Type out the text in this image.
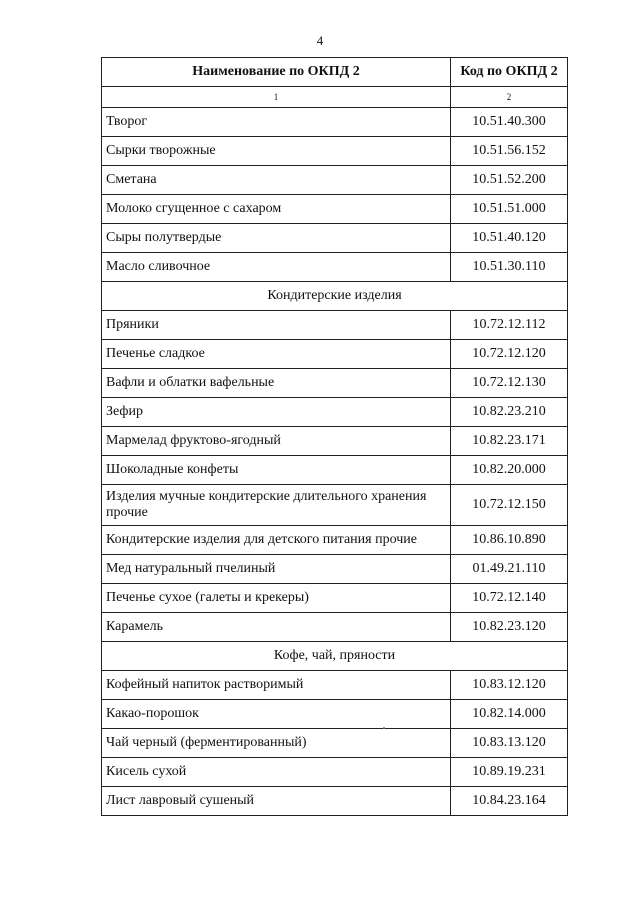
4
Наименование по ОКПД 2	Код по ОКПД 2
1	2
Творог	10.51.40.300
Сырки творожные	10.51.56.152
Сметана	10.51.52.200
Молоко сгущенное с сахаром	10.51.51.000
Сыры полутвердые	10.51.40.120
Масло сливочное	10.51.30.110
Кондитерские изделия	
Пряники	10.72.12.112
Печенье сладкое	10.72.12.120
Вафли и облатки вафельные	10.72.12.130
Зефир	10.82.23.210
Мармелад фруктово-ягодный	10.82.23.171
Шоколадные конфеты	10.82.20.000
Изделия мучные кондитерские длительного хранения прочие	10.72.12.150
Кондитерские изделия для детского питания прочие	10.86.10.890
Мед натуральный пчелиный	01.49.21.110
Печенье сухое (галеты и крекеры)	10.72.12.140
Карамель	10.82.23.120
Кофе, чай, пряности	
Кофейный напиток растворимый	10.83.12.120
Какао-порошок	10.82.14.000
Чай черный (ферментированный)	10.83.13.120
Кисель сухой	10.89.19.231
Лист лавровый сушеный	10.84.23.164
